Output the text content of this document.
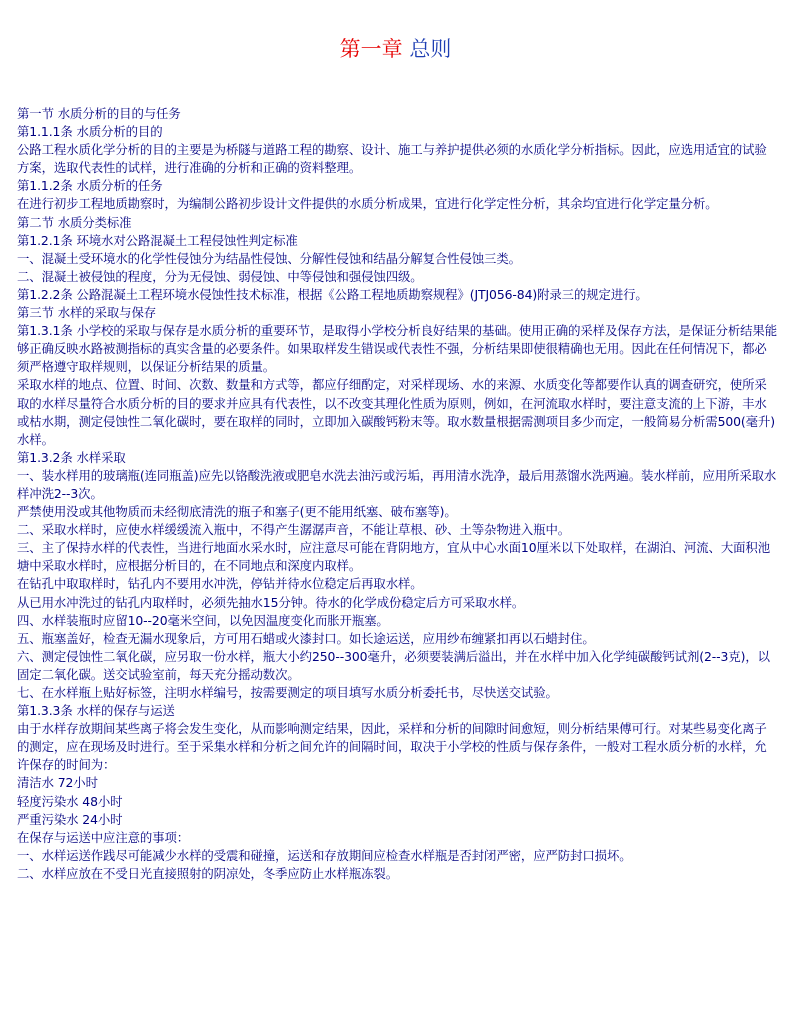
第一章 总则

第一节 水质分析的目的与任务

第1.1.1条 水质分析的目的

公路工程水质化学分析的目的主要是为桥隧与道路工程的勘察、设计、施工与养护提供必须的水质化学分析指标。因此，应选用适宜的试验方案，选取代表性的试样，进行准确的分析和正确的资料整理。

第1.1.2条 水质分析的任务

在进行初步工程地质勘察时，为编制公路初步设计文件提供的水质分析成果，宜进行化学定性分析，其余均宜进行化学定量分析。

第二节 水质分类标准

第1.2.1条 环境水对公路混凝土工程侵蚀性判定标准

一、混凝土受环境水的化学性侵蚀分为结晶性侵蚀、分解性侵蚀和结晶分解复合性侵蚀三类。

二、混凝土被侵蚀的程度，分为无侵蚀、弱侵蚀、中等侵蚀和强侵蚀四级。

第1.2.2条 公路混凝土工程环境水侵蚀性技术标准，根据《公路工程地质勘察规程》(JTJ056-84)附录三的规定进行。

第三节 水样的采取与保存

第1.3.1条 小学校的采取与保存是水质分析的重要环节，是取得小学校分析良好结果的基础。使用正确的采样及保存方法，是保证分析结果能够正确反映水路被测指标的真实含量的必要条件。如果取样发生错误或代表性不强，分析结果即使很精确也无用。因此在任何情况下，都必须严格遵守取样规则，以保证分析结果的质量。

采取水样的地点、位置、时间、次数、数量和方式等，都应仔细酌定，对采样现场、水的来源、水质变化等都要作认真的调查研究，使所采取的水样尽量符合水质分析的目的要求并应具有代表性，以不改变其理化性质为原则，例如，在河流取水样时，要注意支流的上下游，丰水或枯水期，测定侵蚀性二氧化碳时，要在取样的同时，立即加入碳酸钙粉末等。取水数量根据需测项目多少而定，一般简易分析需500(毫升)水样。

第1.3.2条 水样采取

一、装水样用的玻璃瓶(连同瓶盖)应先以铬酸洗液或肥皂水洗去油污或污垢，再用清水洗净，最后用蒸馏水洗两遍。装水样前，应用所采取水样冲洗2--3次。

严禁使用没或其他物质而未经彻底清洗的瓶子和塞子(更不能用纸塞、破布塞等)。

二、采取水样时，应使水样缓缓流入瓶中，不得产生潺潺声音，不能让草根、砂、土等杂物进入瓶中。

三、主了保持水样的代表性，当进行地面水采水时，应注意尽可能在背阴地方，宜从中心水面10厘米以下处取样，在湖泊、河流、大面积池塘中采取水样时，应根据分析目的，在不同地点和深度内取样。

在钻孔中取取样时，钻孔内不要用水冲洗，停钻并待水位稳定后再取水样。

从已用水冲洗过的钻孔内取样时，必须先抽水15分钟。待水的化学成份稳定后方可采取水样。

四、水样装瓶时应留10--20毫米空间，以免因温度变化而胀开瓶塞。

五、瓶塞盖好，检查无漏水现象后，方可用石蜡或火漆封口。如长途运送，应用纱布缠紧扣再以石蜡封住。

六、测定侵蚀性二氧化碳，应另取一份水样，瓶大小约250--300毫升，必须要装满后溢出，并在水样中加入化学纯碳酸钙试剂(2--3克)，以固定二氧化碳。送交试验室前，每天充分摇动数次。

七、在水样瓶上贴好标签，注明水样编号，按需要测定的项目填写水质分析委托书，尽快送交试验。

第1.3.3条 水样的保存与运送

由于水样存放期间某些离子将会发生变化，从而影响测定结果，因此，采样和分析的间隙时间愈短，则分析结果傅可行。对某些易变化离子的测定，应在现场及时进行。至于采集水样和分析之间允许的间隔时间，取决于小学校的性质与保存条件，一般对工程水质分析的水样，允许保存的时间为：

清洁水 72小时

轻度污染水 48小时

严重污染水 24小时

在保存与运送中应注意的事项：

一、水样运送作践尽可能减少水样的受震和碰撞，运送和存放期间应检查水样瓶是否封闭严密，应严防封口损坏。

二、水样应放在不受日光直接照射的阴凉处，冬季应防止水样瓶冻裂。
